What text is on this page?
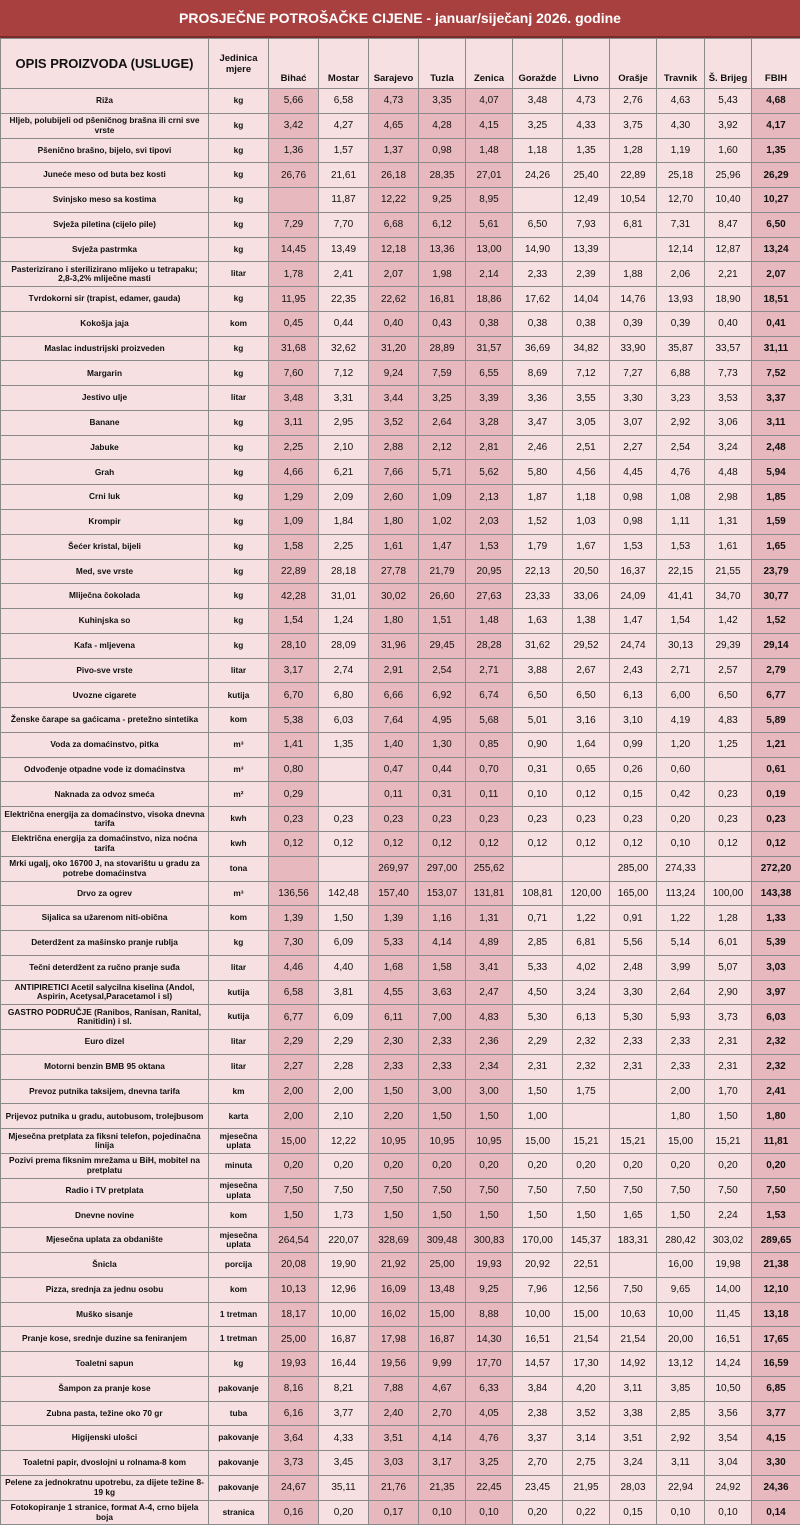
PROSJEČNE POTROŠAČKE CIJENE - januar/siječanj 2026. godine
OPIS PROIZVODA (USLUGE)	Jedinica mjere	Bihać	Mostar	Sarajevo	Tuzla	Zenica	Goražde	Livno	Orašje	Travnik	Š. Brijeg	FBIH
Riža	kg	5,66	6,58	4,73	3,35	4,07	3,48	4,73	2,76	4,63	5,43	4,68
Hljeb, polubijeli od pšeničnog brašna ili crni sve vrste	kg	3,42	4,27	4,65	4,28	4,15	3,25	4,33	3,75	4,30	3,92	4,17
Pšenično brašno, bijelo, svi tipovi	kg	1,36	1,57	1,37	0,98	1,48	1,18	1,35	1,28	1,19	1,60	1,35
Juneće meso od buta bez kosti	kg	26,76	21,61	26,18	28,35	27,01	24,26	25,40	22,89	25,18	25,96	26,29
Svinjsko meso sa kostima	kg		11,87	12,22	9,25	8,95		12,49	10,54	12,70	10,40	10,27
Svježa piletina (cijelo pile)	kg	7,29	7,70	6,68	6,12	5,61	6,50	7,93	6,81	7,31	8,47	6,50
Svježa pastrmka	kg	14,45	13,49	12,18	13,36	13,00	14,90	13,39		12,14	12,87	13,24
Pasterizirano i sterilizirano mlijeko u tetrapaku; 2,8-3,2% mliječne masti	litar	1,78	2,41	2,07	1,98	2,14	2,33	2,39	1,88	2,06	2,21	2,07
Tvrdokorni sir (trapist, edamer, gauda)	kg	11,95	22,35	22,62	16,81	18,86	17,62	14,04	14,76	13,93	18,90	18,51
Kokošja jaja	kom	0,45	0,44	0,40	0,43	0,38	0,38	0,38	0,39	0,39	0,40	0,41
Maslac industrijski proizveden	kg	31,68	32,62	31,20	28,89	31,57	36,69	34,82	33,90	35,87	33,57	31,11
Margarin	kg	7,60	7,12	9,24	7,59	6,55	8,69	7,12	7,27	6,88	7,73	7,52
Jestivo ulje	litar	3,48	3,31	3,44	3,25	3,39	3,36	3,55	3,30	3,23	3,53	3,37
Banane	kg	3,11	2,95	3,52	2,64	3,28	3,47	3,05	3,07	2,92	3,06	3,11
Jabuke	kg	2,25	2,10	2,88	2,12	2,81	2,46	2,51	2,27	2,54	3,24	2,48
Grah	kg	4,66	6,21	7,66	5,71	5,62	5,80	4,56	4,45	4,76	4,48	5,94
Crni luk	kg	1,29	2,09	2,60	1,09	2,13	1,87	1,18	0,98	1,08	2,98	1,85
Krompir	kg	1,09	1,84	1,80	1,02	2,03	1,52	1,03	0,98	1,11	1,31	1,59
Šećer kristal, bijeli	kg	1,58	2,25	1,61	1,47	1,53	1,79	1,67	1,53	1,53	1,61	1,65
Med, sve vrste	kg	22,89	28,18	27,78	21,79	20,95	22,13	20,50	16,37	22,15	21,55	23,79
Mliječna čokolada	kg	42,28	31,01	30,02	26,60	27,63	23,33	33,06	24,09	41,41	34,70	30,77
Kuhinjska so	kg	1,54	1,24	1,80	1,51	1,48	1,63	1,38	1,47	1,54	1,42	1,52
Kafa - mljevena	kg	28,10	28,09	31,96	29,45	28,28	31,62	29,52	24,74	30,13	29,39	29,14
Pivo-sve vrste	litar	3,17	2,74	2,91	2,54	2,71	3,88	2,67	2,43	2,71	2,57	2,79
Uvozne cigarete	kutija	6,70	6,80	6,66	6,92	6,74	6,50	6,50	6,13	6,00	6,50	6,77
Ženske čarape sa gaćicama - pretežno sintetika	kom	5,38	6,03	7,64	4,95	5,68	5,01	3,16	3,10	4,19	4,83	5,89
Voda za domaćinstvo, pitka	m³	1,41	1,35	1,40	1,30	0,85	0,90	1,64	0,99	1,20	1,25	1,21
Odvođenje otpadne vode iz domaćinstva	m³	0,80		0,47	0,44	0,70	0,31	0,65	0,26	0,60		0,61
Naknada za odvoz smeća	m²	0,29		0,11	0,31	0,11	0,10	0,12	0,15	0,42	0,23	0,19
Električna energija za domaćinstvo, visoka dnevna tarifa	kwh	0,23	0,23	0,23	0,23	0,23	0,23	0,23	0,23	0,20	0,23	0,23
Električna energija za domaćinstvo, niza noćna tarifa	kwh	0,12	0,12	0,12	0,12	0,12	0,12	0,12	0,12	0,10	0,12	0,12
Mrki ugalj, oko 16700 J, na stovarištu u gradu za potrebe domaćinstva	tona			269,97	297,00	255,62			285,00	274,33		272,20
Drvo za ogrev	m³	136,56	142,48	157,40	153,07	131,81	108,81	120,00	165,00	113,24	100,00	143,38
Sijalica sa užarenom niti-obična	kom	1,39	1,50	1,39	1,16	1,31	0,71	1,22	0,91	1,22	1,28	1,33
Deterdžent za mašinsko pranje rublja	kg	7,30	6,09	5,33	4,14	4,89	2,85	6,81	5,56	5,14	6,01	5,39
Tečni deterdžent za ručno pranje suđa	litar	4,46	4,40	1,68	1,58	3,41	5,33	4,02	2,48	3,99	5,07	3,03
ANTIPIRETICI Acetil salycilna kiselina (Andol, Aspirin, Acetysal,Paracetamol i sl)	kutija	6,58	3,81	4,55	3,63	2,47	4,50	3,24	3,30	2,64	2,90	3,97
GASTRO PODRUČJE (Ranibos, Ranisan, Ranital, Ranitidin) i sl.	kutija	6,77	6,09	6,11	7,00	4,83	5,30	6,13	5,30	5,93	3,73	6,03
Euro dizel	litar	2,29	2,29	2,30	2,33	2,36	2,29	2,32	2,33	2,33	2,31	2,32
Motorni benzin BMB 95 oktana	litar	2,27	2,28	2,33	2,33	2,34	2,31	2,32	2,31	2,33	2,31	2,32
Prevoz putnika taksijem, dnevna tarifa	km	2,00	2,00	1,50	3,00	3,00	1,50	1,75		2,00	1,70	2,41
Prijevoz putnika u gradu, autobusom, trolejbusom	karta	2,00	2,10	2,20	1,50	1,50	1,00			1,80	1,50	1,80
Mjesečna pretplata za fiksni telefon, pojedinačna linija	mjesečna uplata	15,00	12,22	10,95	10,95	10,95	15,00	15,21	15,21	15,00	15,21	11,81
Pozivi prema fiksnim mrežama u BiH, mobitel na pretplatu	minuta	0,20	0,20	0,20	0,20	0,20	0,20	0,20	0,20	0,20	0,20	0,20
Radio i TV pretplata	mjesečna uplata	7,50	7,50	7,50	7,50	7,50	7,50	7,50	7,50	7,50	7,50	7,50
Dnevne novine	kom	1,50	1,73	1,50	1,50	1,50	1,50	1,50	1,65	1,50	2,24	1,53
Mjesečna uplata za obdanište	mjesečna uplata	264,54	220,07	328,69	309,48	300,83	170,00	145,37	183,31	280,42	303,02	289,65
Šnicla	porcija	20,08	19,90	21,92	25,00	19,93	20,92	22,51		16,00	19,98	21,38
Pizza, srednja za jednu osobu	kom	10,13	12,96	16,09	13,48	9,25	7,96	12,56	7,50	9,65	14,00	12,10
Muško sisanje	1 tretman	18,17	10,00	16,02	15,00	8,88	10,00	15,00	10,63	10,00	11,45	13,18
Pranje kose, srednje duzine sa feniranjem	1 tretman	25,00	16,87	17,98	16,87	14,30	16,51	21,54	21,54	20,00	16,51	17,65
Toaletni sapun	kg	19,93	16,44	19,56	9,99	17,70	14,57	17,30	14,92	13,12	14,24	16,59
Šampon za pranje kose	pakovanje	8,16	8,21	7,88	4,67	6,33	3,84	4,20	3,11	3,85	10,50	6,85
Zubna pasta, težine oko 70 gr	tuba	6,16	3,77	2,40	2,70	4,05	2,38	3,52	3,38	2,85	3,56	3,77
Higijenski ulošci	pakovanje	3,64	4,33	3,51	4,14	4,76	3,37	3,14	3,51	2,92	3,54	4,15
Toaletni papir, dvoslojni u rolnama-8 kom	pakovanje	3,73	3,45	3,03	3,17	3,25	2,70	2,75	3,24	3,11	3,04	3,30
Pelene za jednokratnu upotrebu, za dijete težine 8-19 kg	pakovanje	24,67	35,11	21,76	21,35	22,45	23,45	21,95	28,03	22,94	24,92	24,36
Fotokopiranje 1 stranice, format A-4, crno bijela boja	stranica	0,16	0,20	0,17	0,10	0,10	0,20	0,22	0,15	0,10	0,10	0,14
